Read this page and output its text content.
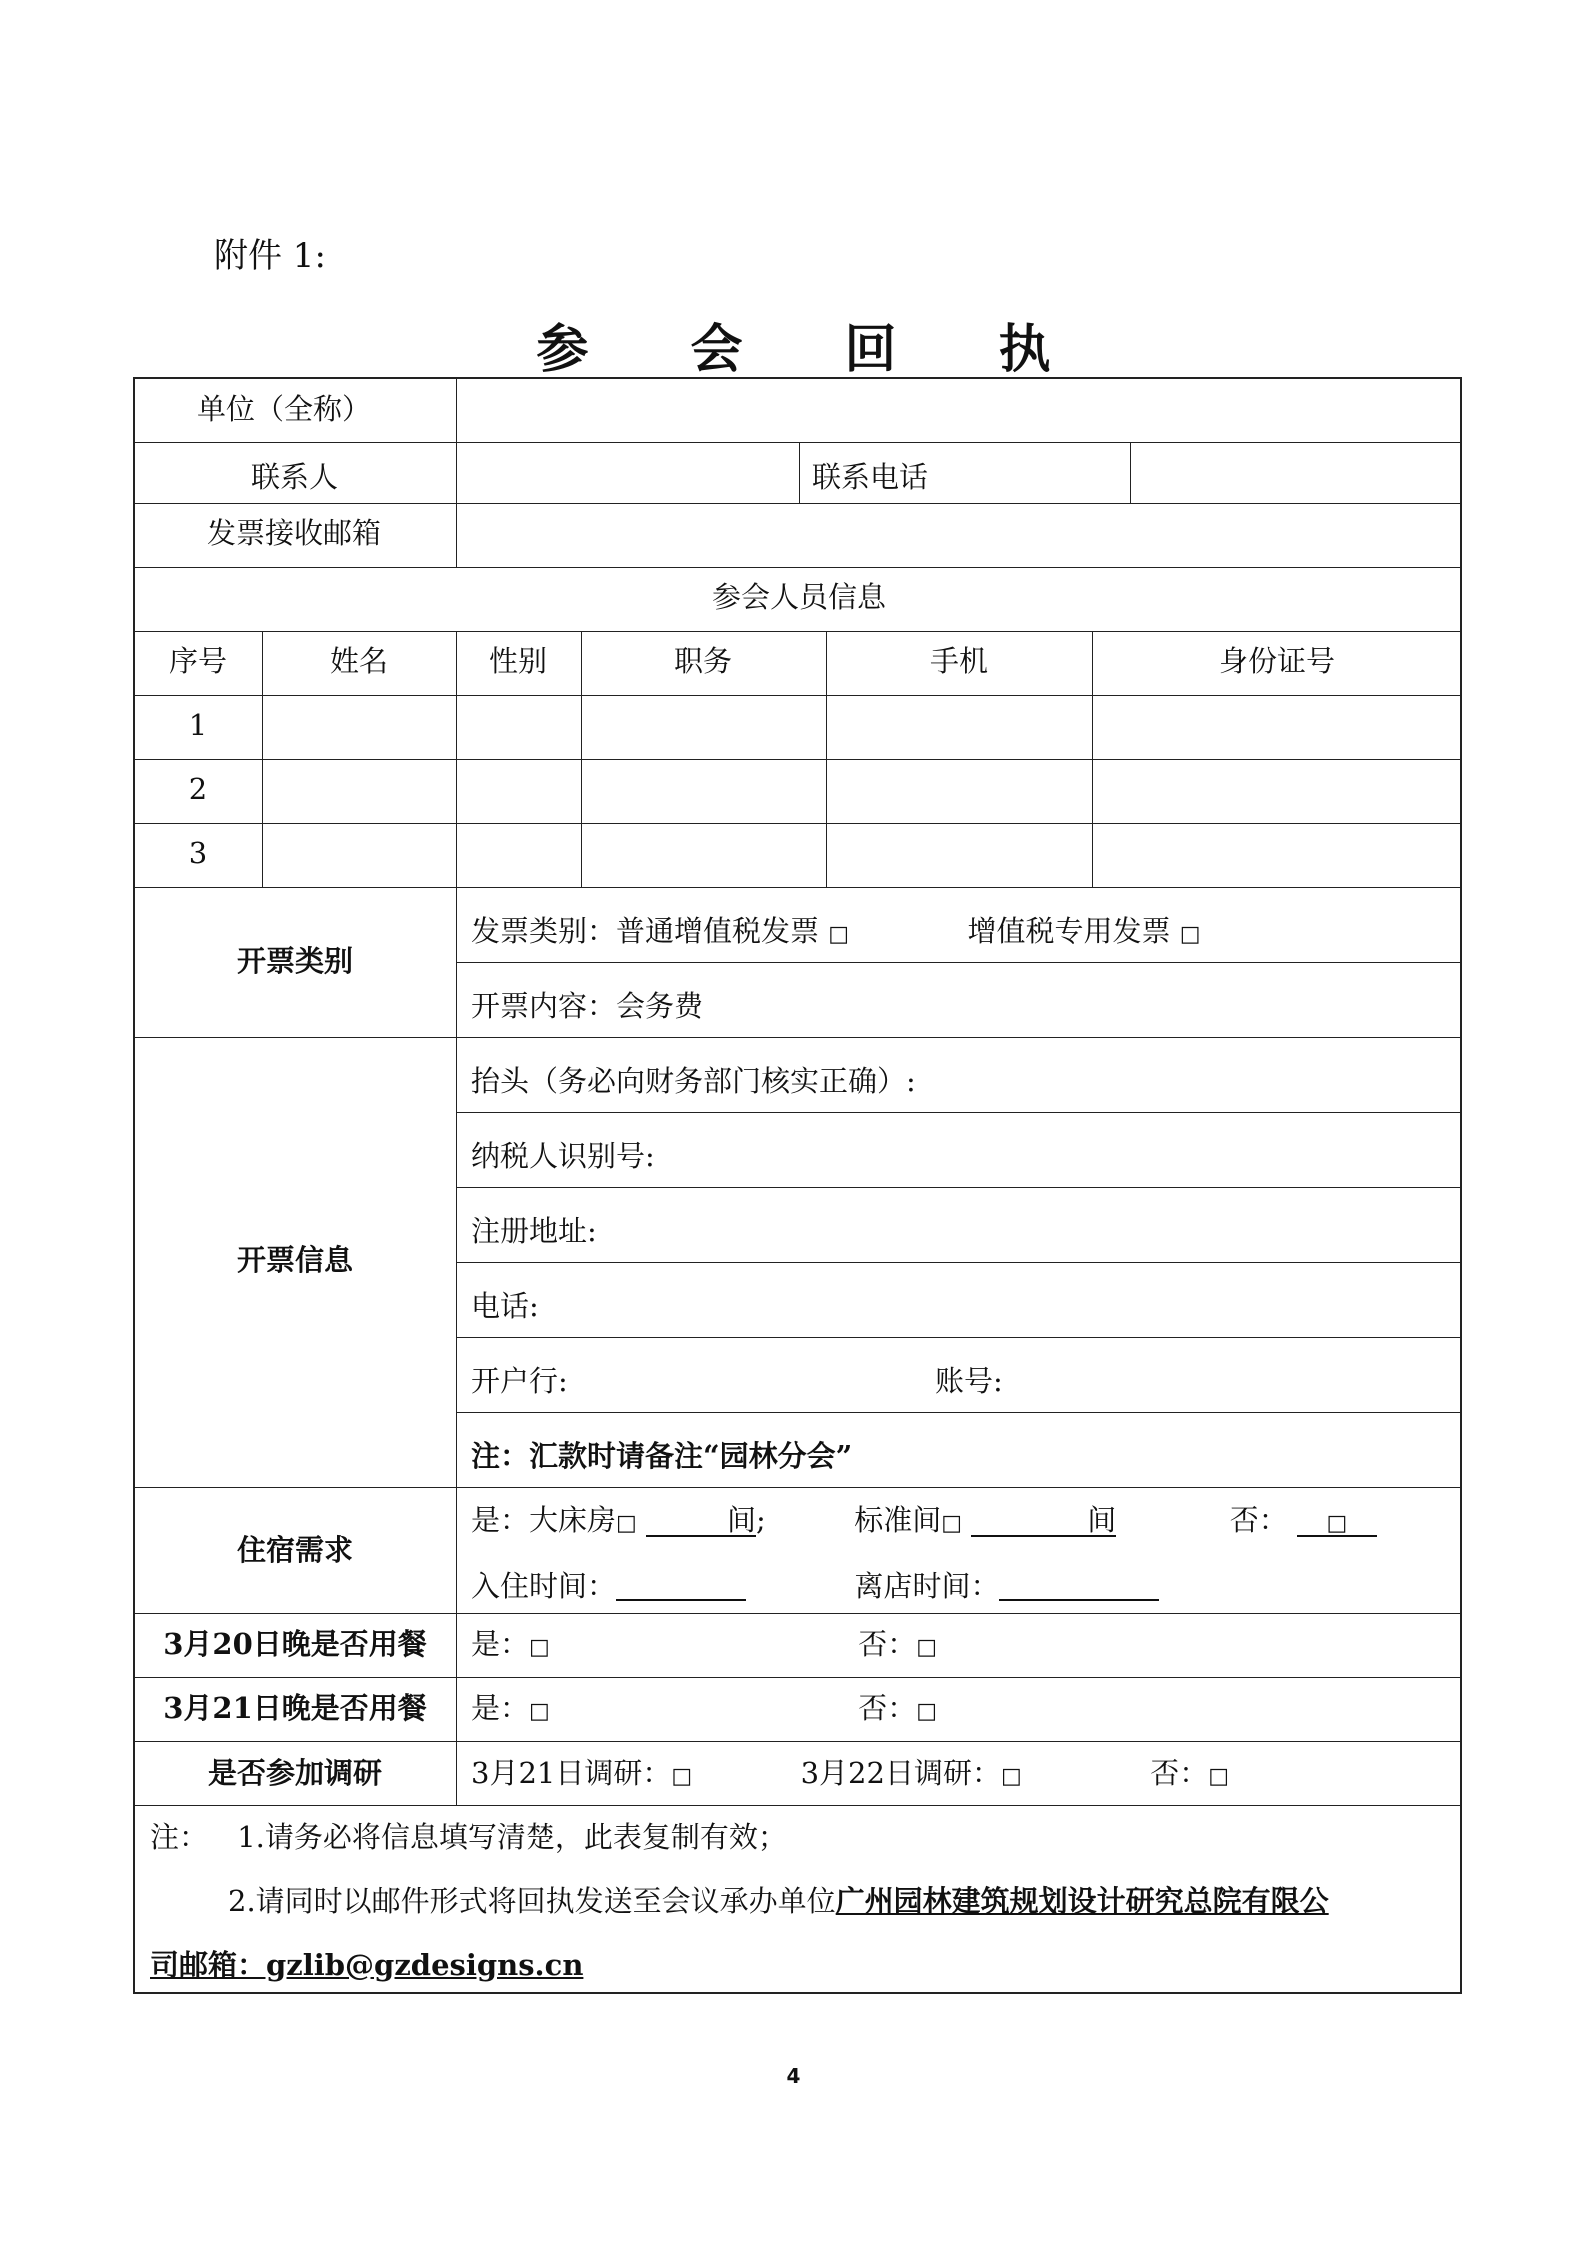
附件 1:
参 会 回 执
单位（全称）
联系人	联系电话
发票接收邮箱
参会人员信息
序号	姓名	性别	职务	手机	身份证号
1
2
3
开票类别
发票类别：普通增值税发票 □	增值税专用发票 □
开票内容：会务费
开票信息
抬头（务必向财务部门核实正确）:
纳税人识别号:
注册地址:
电话:
开户行:	账号:
注：汇款时请备注“园林分会”
住宿需求
是：大床房□	间;	标准间□	间	否： □
入住时间：	离店时间：
3月20日晚是否用餐 是：□	否：□
3月21日晚是否用餐 是：□	否：□
是否参加调研	3月21日调研：□	3月22日调研：□	否：□
注： 1.请务必将信息填写清楚，此表复制有效；
2.请同时以邮件形式将回执发送至会议承办单位广州园林建筑规划设计研究总院有限公
司邮箱：gzlib@gzdesigns.cn
4
